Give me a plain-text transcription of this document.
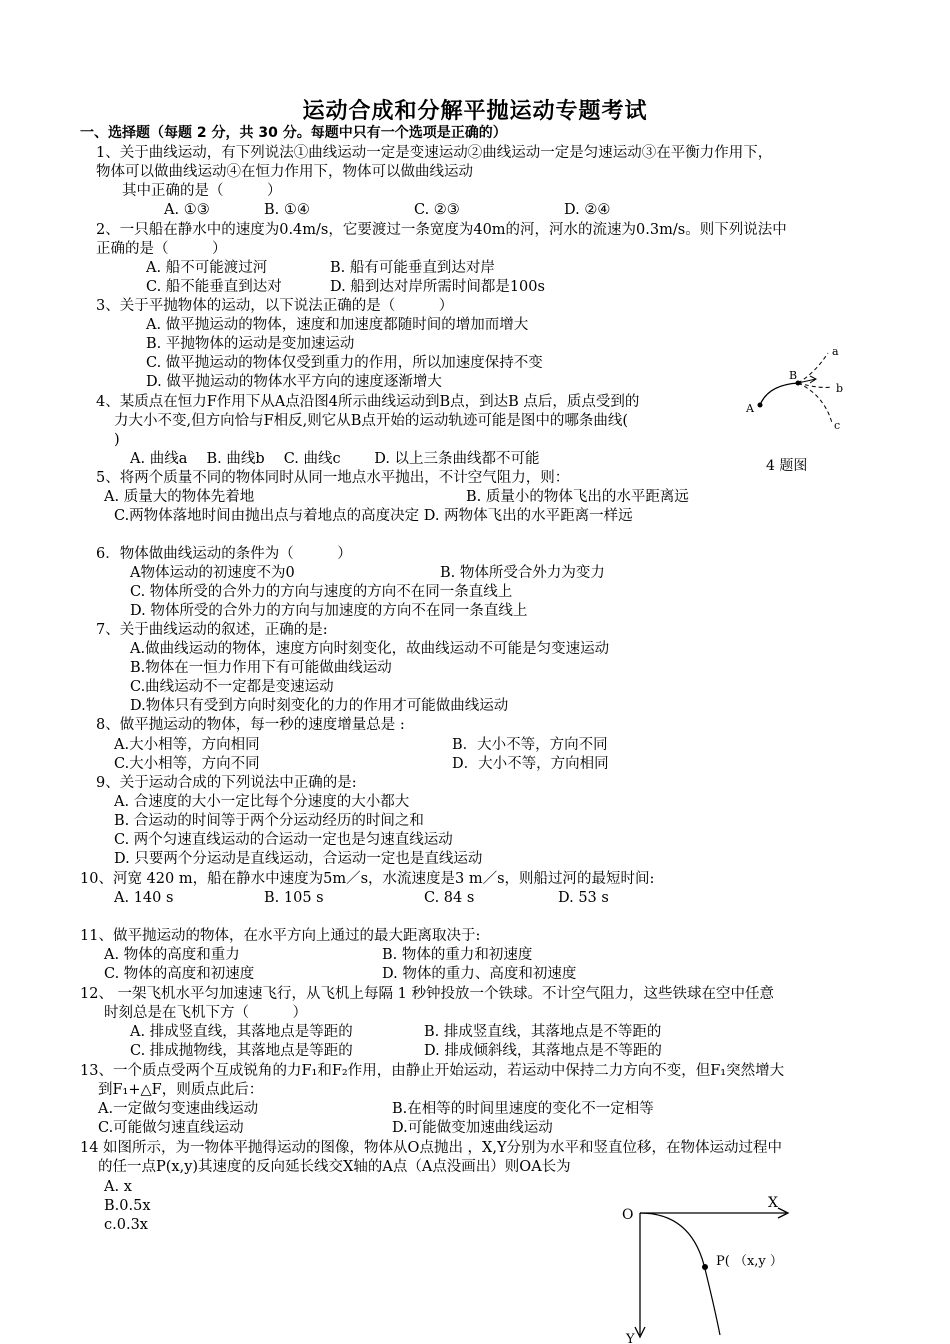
运动合成和分解平抛运动专题考试
一、选择题（每题 2 分，共 30 分。每题中只有一个选项是正确的）
1、关于曲线运动，有下列说法①曲线运动一定是变速运动②曲线运动一定是匀速运动③在平衡力作用下，
物体可以做曲线运动④在恒力作用下，物体可以做曲线运动
其中正确的是（　　　）
A. ①③	B. ①④	C. ②③	D. ②④
2、一只船在静水中的速度为0.4m/s，它要渡过一条宽度为40m的河，河水的流速为0.3m/s。则下列说法中
正确的是（　　　）
A. 船不可能渡过河	B. 船有可能垂直到达对岸
C. 船不能垂直到达对	D. 船到达对岸所需时间都是100s
3、关于平抛物体的运动，以下说法正确的是（　　　）
A. 做平抛运动的物体，速度和加速度都随时间的增加而增大
B. 平抛物体的运动是变加速运动
C. 做平抛运动的物体仅受到重力的作用，所以加速度保持不变
D. 做平抛运动的物体水平方向的速度逐渐增大
4、某质点在恒力F作用下从A点沿图4所示曲线运动到B点，到达B 点后，质点受到的
力大小不变,但方向恰与F相反,则它从B点开始的运动轨迹可能是图中的哪条曲线(
)
A. 曲线a　 B. 曲线b　 C. 曲线c　　 D. 以上三条曲线都不可能
A
B
a
b
c
4 题图
5、将两个质量不同的物体同时从同一地点水平抛出，不计空气阻力，则：
A. 质量大的物体先着地	B. 质量小的物体飞出的水平距离远
C.两物体落地时间由抛出点与着地点的高度决定 D. 两物体飞出的水平距离一样远
6．物体做曲线运动的条件为（　　　）
A物体运动的初速度不为0	B. 物体所受合外力为变力
C. 物体所受的合外力的方向与速度的方向不在同一条直线上
D. 物体所受的合外力的方向与加速度的方向不在同一条直线上
7、关于曲线运动的叙述，正确的是:
A.做曲线运动的物体，速度方向时刻变化，故曲线运动不可能是匀变速运动
B.物体在一恒力作用下有可能做曲线运动
C.曲线运动不一定都是变速运动
D.物体只有受到方向时刻变化的力的作用才可能做曲线运动
8、做平抛运动的物体，每一秒的速度增量总是 :
A.大小相等，方向相同	B．大小不等，方向不同
C.大小相等，方向不同	D．大小不等，方向相同
9、关于运动合成的下列说法中正确的是:
A. 合速度的大小一定比每个分速度的大小都大
B. 合运动的时间等于两个分运动经历的时间之和
C. 两个匀速直线运动的合运动一定也是匀速直线运动
D. 只要两个分运动是直线运动，合运动一定也是直线运动
10、河宽 420 m，船在静水中速度为5m／s，水流速度是3 m／s，则船过河的最短时间:
A. 140 s	B. 105 s	C. 84 s	D. 53 s
11、做平抛运动的物体，在水平方向上通过的最大距离取决于:
A. 物体的高度和重力	B. 物体的重力和初速度
C. 物体的高度和初速度	D. 物体的重力、高度和初速度
12、 一架飞机水平匀加速速飞行，从飞机上每隔 1 秒钟投放一个铁球。不计空气阻力，这些铁球在空中任意
时刻总是在飞机下方（　　　）
A. 排成竖直线，其落地点是等距的	B. 排成竖直线，其落地点是不等距的
C. 排成抛物线，其落地点是等距的	D. 排成倾斜线，其落地点是不等距的
13、一个质点受两个互成锐角的力F₁和F₂作用，由静止开始运动，若运动中保持二力方向不变，但F₁突然增大
到F₁+△F，则质点此后：
A.一定做匀变速曲线运动	B.在相等的时间里速度的变化不一定相等
C.可能做匀速直线运动	D.可能做变加速曲线运动
14 如图所示，为一物体平抛得运动的图像，物体从O点抛出 ，X,Y分别为水平和竖直位移，在物体运动过程中
的任一点P(x,y)其速度的反向延长线交X轴的A点（A点没画出）则OA长为
A. x
B.0.5x
c.0.3x
O
X
Y
P( （x,y ）
